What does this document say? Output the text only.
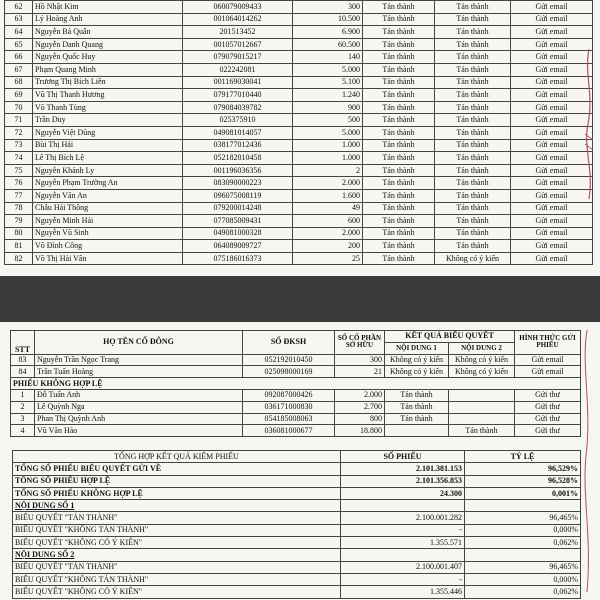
62	Hồ Nhật Kim	060079009433	300	Tán thành	Tán thành	Gửi email
63	Lý Hoàng Anh	001064014262	10.500	Tán thành	Tán thành	Gửi email
64	Nguyễn Bá Quân	201513452	6.900	Tán thành	Tán thành	Gửi email
65	Nguyễn Danh Quang	001057012667	60.500	Tán thành	Tán thành	Gửi email
66	Nguyễn Quốc Huy	079079015217	140	Tán thành	Tán thành	Gửi email
67	Phạm Quang Minh	022242081	5.000	Tán thành	Tán thành	Gửi email
68	Trương Thị Bích Liên	001169030041	5.100	Tán thành	Tán thành	Gửi email
69	Vũ Thị Thanh Hương	079177010440	1.240	Tán thành	Tán thành	Gửi email
70	Võ Thanh Tùng	079084039782	900	Tán thành	Tán thành	Gửi email
71	Trần Duy	025375910	500	Tán thành	Tán thành	Gửi email
72	Nguyễn Việt Dũng	049081014057	5.000	Tán thành	Tán thành	Gửi email
73	Bùi Thị Hải	038177012436	1.000	Tán thành	Tán thành	Gửi email
74	Lê Thị Bích Lệ	052182010458	1.000	Tán thành	Tán thành	Gửi email
75	Nguyễn Khánh Ly	001196036356	2	Tán thành	Tán thành	Gửi email
76	Nguyễn Phạm Trường An	083090000223	2.000	Tán thành	Tán thành	Gửi email
77	Nguyễn Văn An	096075008119	1.600	Tán thành	Tán thành	Gửi email
78	Châu Hải Thông	079200014248	49	Tán thành	Tán thành	Gửi email
79	Nguyễn Minh Hải	077085009431	600	Tán thành	Tán thành	Gửi email
80	Nguyễn Vũ Sinh	049081000328	2.000	Tán thành	Tán thành	Gửi email
81	Võ Đình Công	064089009727	200	Tán thành	Tán thành	Gửi email
82	Võ Thị Hải Vân	075186016373	25	Tán thành	Không có ý kiến	Gửi email
STT	HỌ TÊN CỔ ĐÔNG	SỐ ĐKSH	SỐ CỔ PHẦN SỞ HỮU	KẾT QUẢ BIỂU QUYẾT		HÌNH THỨC GỬI PHIẾU
				NỘI DUNG 1	NỘI DUNG 2	
83	Nguyễn Trần Ngọc Trang	052192010450	300	Không có ý kiến	Không có ý kiến	Gửi email
84	Trần Tuấn Hoàng	025098000169	21	Không có ý kiến	Không có ý kiến	Gửi email
PHIẾU KHÔNG HỢP LỆ						
1	Đỗ Tuấn Anh	092087000426	2.000	Tán thành		Gửi thư
2	Lê Quỳnh Nga	036171000830	2.700	Tán thành		Gửi thư
3	Phan Thị Quỳnh Anh	054185008063	800	Tán thành		Gửi thư
4	Vũ Văn Hảo	036081000677	18.800		Tán thành	Gửi thư
TỔNG HỢP KẾT QUẢ KIỂM PHIẾU	SỐ PHIẾU	TỶ LỆ
TỔNG SỐ PHIẾU BIỂU QUYẾT GỬI VỀ	2.101.381.153	96,529%
TỔNG SỐ PHIẾU HỢP LỆ	2.101.356.853	96,528%
TỔNG SỐ PHIẾU KHÔNG HỢP LỆ	24.300	0,001%
NỘI DUNG SỐ 1		
BIỂU QUYẾT "TÁN THÀNH"	2.100.001.282	96,465%
BIỂU QUYẾT "KHÔNG TÁN THÀNH"	-	0,000%
BIỂU QUYẾT "KHÔNG CÓ Ý KIẾN"	1.355.571	0,062%
NỘI DUNG SỐ 2		
BIỂU QUYẾT "TÁN THÀNH"	2.100.001.407	96,465%
BIỂU QUYẾT "KHÔNG TÁN THÀNH"	-	0,000%
BIỂU QUYẾT "KHÔNG CÓ Ý KIẾN"	1.355.446	0,062%
